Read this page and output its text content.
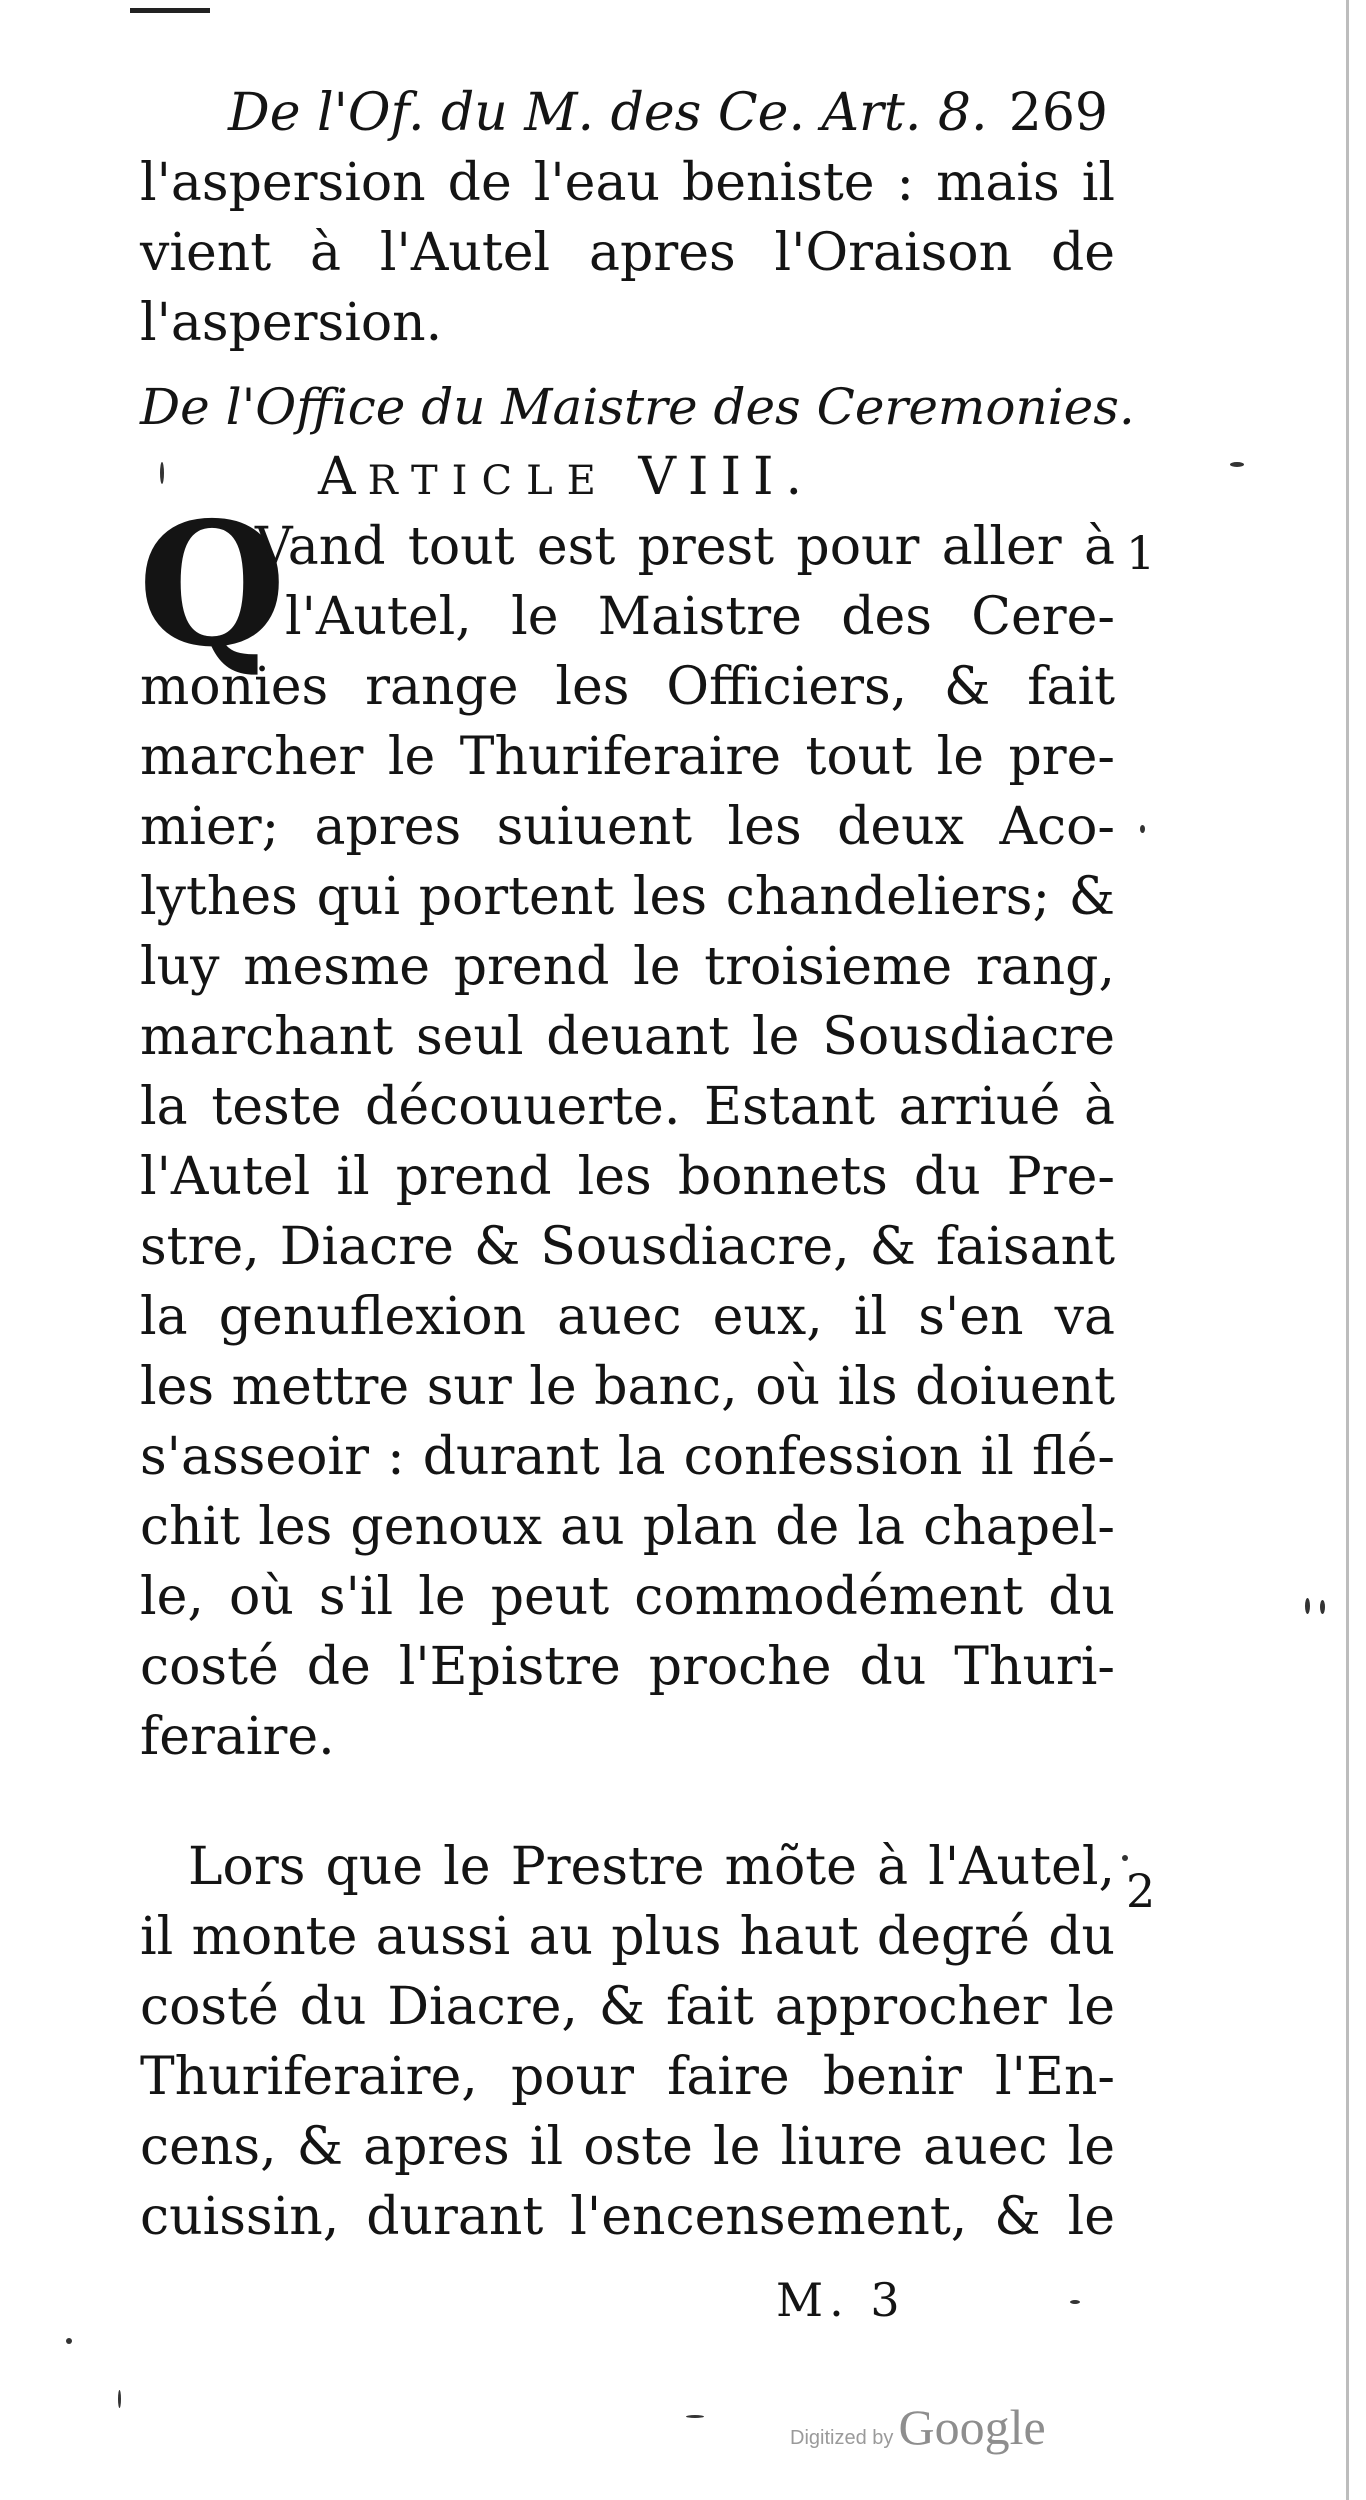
De l'Of. du M. des Ce. Art. 8. 269
l'aspersion de l'eau beniste : mais il
vient à l'Autel apres l'Oraison de
l'aspersion.
De l'Office du Maistre des Ceremonies.
ARTICLE VIII.
Q	1
Vand tout est prest pour aller à
l'Autel, le Maistre des Cere-
monies range les Officiers, & fait
marcher le Thuriferaire tout le pre-
mier; apres suiuent les deux Aco-
lythes qui portent les chandeliers; &
luy mesme prend le troisieme rang,
marchant seul deuant le Sousdiacre
la teste découuerte. Estant arriué à
l'Autel il prend les bonnets du Pre-
stre, Diacre & Sousdiacre, & faisant
la genuflexion auec eux, il s'en va
les mettre sur le banc, où ils doiuent
s'asseoir : durant la confession il flé-
chit les genoux au plan de la chapel-
le, où s'il le peut commodément du
costé de l'Epistre proche du Thuri-
feraire.
2
Lors que le Prestre mõte à l'Autel,
il monte aussi au plus haut degré du
costé du Diacre, & fait approcher le
Thuriferaire, pour faire benir l'En-
cens, & apres il oste le liure auec le
cuissin, durant l'encensement, & le
M. 3
Digitized by Google
